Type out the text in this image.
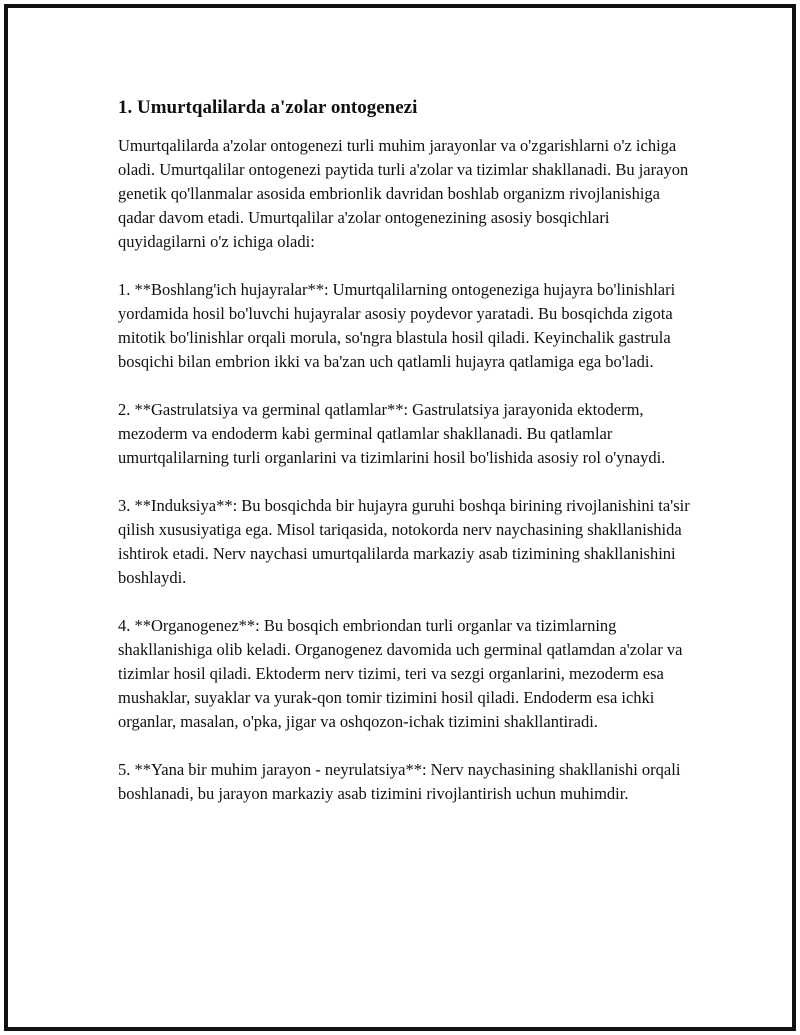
1. Umurtqalilarda a'zolar ontogenezi

Umurtqalilarda a'zolar ontogenezi turli muhim jarayonlar va o'zgarishlarni o'z ichiga oladi. Umurtqalilar ontogenezi paytida turli a'zolar va tizimlar shakllanadi. Bu jarayon genetik qo'llanmalar asosida embrionlik davridan boshlab organizm rivojlanishiga qadar davom etadi. Umurtqalilar a'zolar ontogenezining asosiy bosqichlari quyidagilarni o'z ichiga oladi:

1. **Boshlang'ich hujayralar**: Umurtqalilarning ontogeneziga hujayra bo'linishlari yordamida hosil bo'luvchi hujayralar asosiy poydevor yaratadi. Bu bosqichda zigota mitotik bo'linishlar orqali morula, so'ngra blastula hosil qiladi. Keyinchalik gastrula bosqichi bilan embrion ikki va ba'zan uch qatlamli hujayra qatlamiga ega bo'ladi.

2. **Gastrulatsiya va germinal qatlamlar**: Gastrulatsiya jarayonida ektoderm, mezoderm va endoderm kabi germinal qatlamlar shakllanadi. Bu qatlamlar umurtqalilarning turli organlarini va tizimlarini hosil bo'lishida asosiy rol o'ynaydi.

3. **Induksiya**: Bu bosqichda bir hujayra guruhi boshqa birining rivojlanishini ta'sir qilish xususiyatiga ega. Misol tariqasida, notokorda nerv naychasining shakllanishida ishtirok etadi. Nerv naychasi umurtqalilarda markaziy asab tizimining shakllanishini boshlaydi.

4. **Organogenez**: Bu bosqich embriondan turli organlar va tizimlarning shakllanishiga olib keladi. Organogenez davomida uch germinal qatlamdan a'zolar va tizimlar hosil qiladi. Ektoderm nerv tizimi, teri va sezgi organlarini, mezoderm esa mushaklar, suyaklar va yurak-qon tomir tizimini hosil qiladi. Endoderm esa ichki organlar, masalan, o'pka, jigar va oshqozon-ichak tizimini shakllantiradi.

5. **Yana bir muhim jarayon - neyrulatsiya**: Nerv naychasining shakllanishi orqali boshlanadi, bu jarayon markaziy asab tizimini rivojlantirish uchun muhimdir.
